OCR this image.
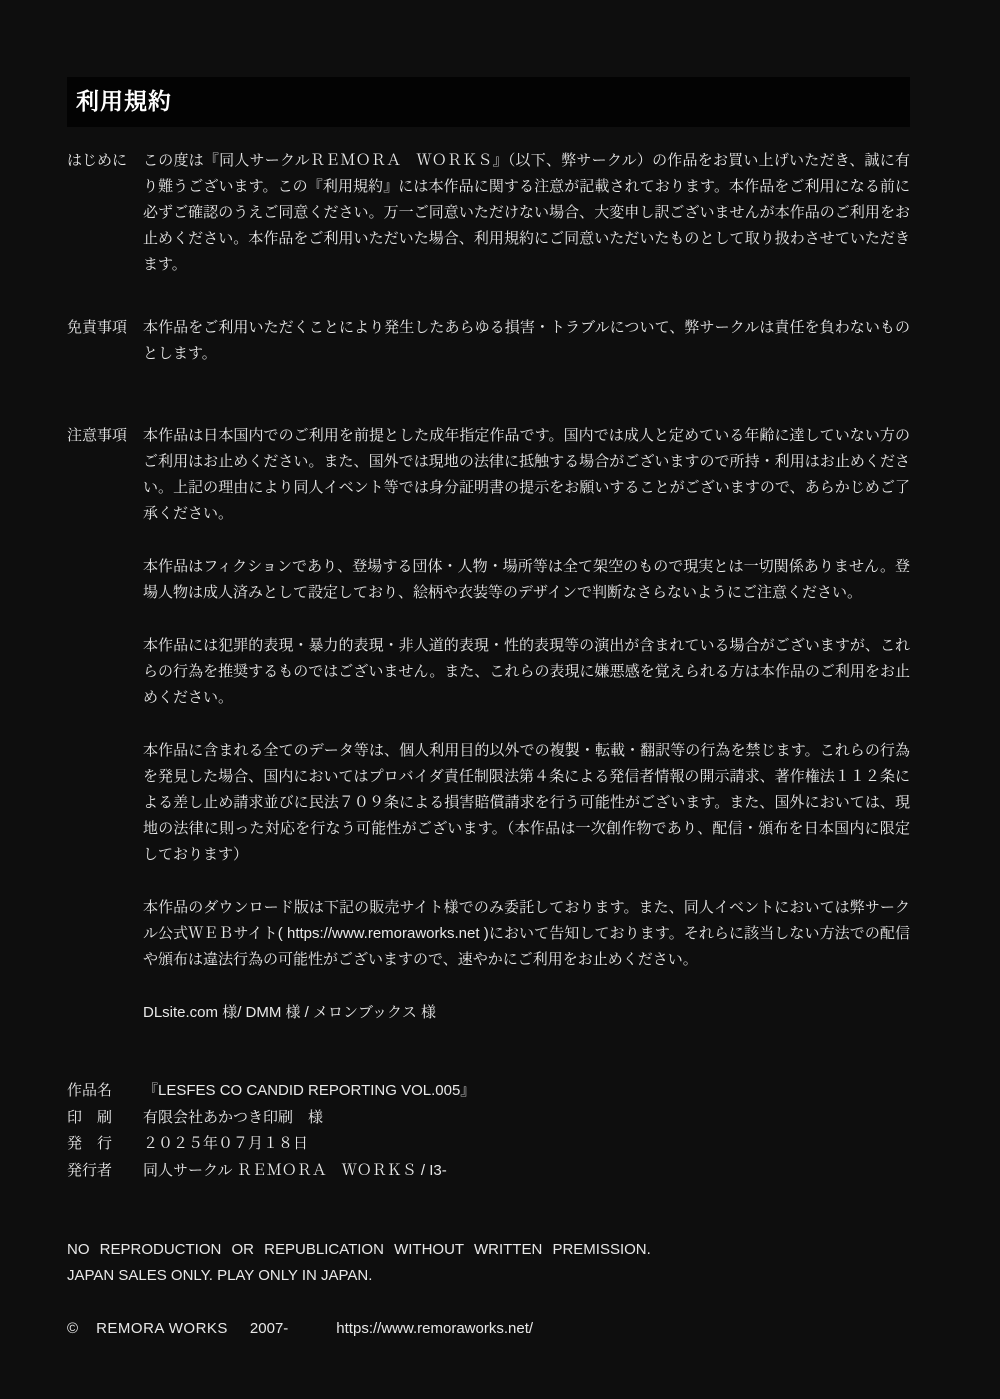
利用規約
はじめに	この度は『同人サークルＲＥＭＯＲＡ　ＷＯＲＫＳ』（以下、弊サークル）の作品をお買い上げいただき、誠に有り難うございます。この『利用規約』には本作品に関する注意が記載されております。本作品をご利用になる前に必ずご確認のうえご同意ください。万一ご同意いただけない場合、大変申し訳ございませんが本作品のご利用をお止めください。本作品をご利用いただいた場合、利用規約にご同意いただいたものとして取り扱わさせていただきます。

免責事項	本作品をご利用いただくことにより発生したあらゆる損害・トラブルについて、弊サークルは責任を負わないものとします。

注意事項	本作品は日本国内でのご利用を前提とした成年指定作品です。国内では成人と定めている年齢に達していない方のご利用はお止めください。また、国外では現地の法律に抵触する場合がございますので所持・利用はお止めください。上記の理由により同人イベント等では身分証明書の提示をお願いすることがございますので、あらかじめご了承ください。

本作品はフィクションであり、登場する団体・人物・場所等は全て架空のもので現実とは一切関係ありません。登場人物は成人済みとして設定しており、絵柄や衣装等のデザインで判断なさらないようにご注意ください。

本作品には犯罪的表現・暴力的表現・非人道的表現・性的表現等の演出が含まれている場合がございますが、これらの行為を推奨するものではございません。また、これらの表現に嫌悪感を覚えられる方は本作品のご利用をお止めください。

本作品に含まれる全てのデータ等は、個人利用目的以外での複製・転載・翻訳等の行為を禁じます。これらの行為を発見した場合、国内においてはプロバイダ責任制限法第４条による発信者情報の開示請求、著作権法１１２条による差し止め請求並びに民法７０９条による損害賠償請求を行う可能性がございます。また、国外においては、現地の法律に則った対応を行なう可能性がございます。（本作品は一次創作物であり、配信・頒布を日本国内に限定しております）

本作品のダウンロード版は下記の販売サイト様でのみ委託しております。また、同人イベントにおいては弊サークル公式ＷＥＢサイト( https://www.remoraworks.net )において告知しております。それらに該当しない方法での配信や頒布は違法行為の可能性がございますので、速やかにご利用をお止めください。

DLsite.com 様/ DMM 様 / メロンブックス 様

作品名	『LESFES CO CANDID REPORTING VOL.005』
印　刷	有限会社あかつき印刷　様
発　行	２０２５年０７月１８日
発行者	同人サークル ＲＥＭＯＲＡ　ＷＯＲＫＳ / I3-

NO REPRODUCTION OR REPUBLICATION WITHOUT WRITTEN PREMISSION.

JAPAN SALES ONLY. PLAY ONLY IN JAPAN.

© REMORA WORKS 2007-	https://www.remoraworks.net/
